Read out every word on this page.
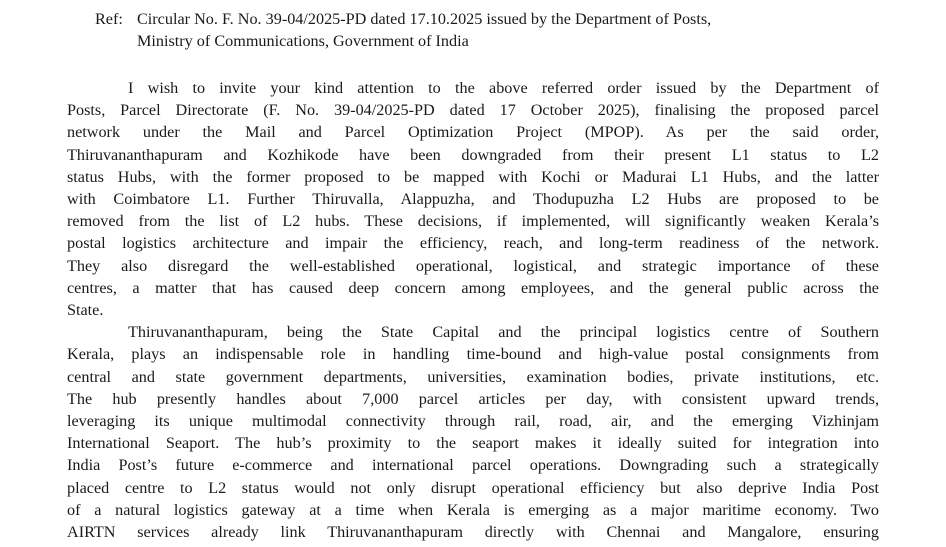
Ref: Circular No. F. No. 39-04/2025-PD dated 17.10.2025 issued by the Department of Posts,
Ministry of Communications, Government of India
I wish to invite your kind attention to the above referred order issued by the Department of
Posts, Parcel Directorate (F. No. 39-04/2025-PD dated 17 October 2025), finalising the proposed parcel
network under the Mail and Parcel Optimization Project (MPOP). As per the said order,
Thiruvananthapuram and Kozhikode have been downgraded from their present L1 status to L2
status Hubs, with the former proposed to be mapped with Kochi or Madurai L1 Hubs, and the latter
with Coimbatore L1. Further Thiruvalla, Alappuzha, and Thodupuzha L2 Hubs are proposed to be
removed from the list of L2 hubs. These decisions, if implemented, will significantly weaken Kerala’s
postal logistics architecture and impair the efficiency, reach, and long-term readiness of the network.
They also disregard the well-established operational, logistical, and strategic importance of these
centres, a matter that has caused deep concern among employees, and the general public across the
State.
Thiruvananthapuram, being the State Capital and the principal logistics centre of Southern
Kerala, plays an indispensable role in handling time-bound and high-value postal consignments from
central and state government departments, universities, examination bodies, private institutions, etc.
The hub presently handles about 7,000 parcel articles per day, with consistent upward trends,
leveraging its unique multimodal connectivity through rail, road, air, and the emerging Vizhinjam
International Seaport. The hub’s proximity to the seaport makes it ideally suited for integration into
India Post’s future e-commerce and international parcel operations. Downgrading such a strategically
placed centre to L2 status would not only disrupt operational efficiency but also deprive India Post
of a natural logistics gateway at a time when Kerala is emerging as a major maritime economy. Two
AIRTN services already link Thiruvananthapuram directly with Chennai and Mangalore, ensuring
